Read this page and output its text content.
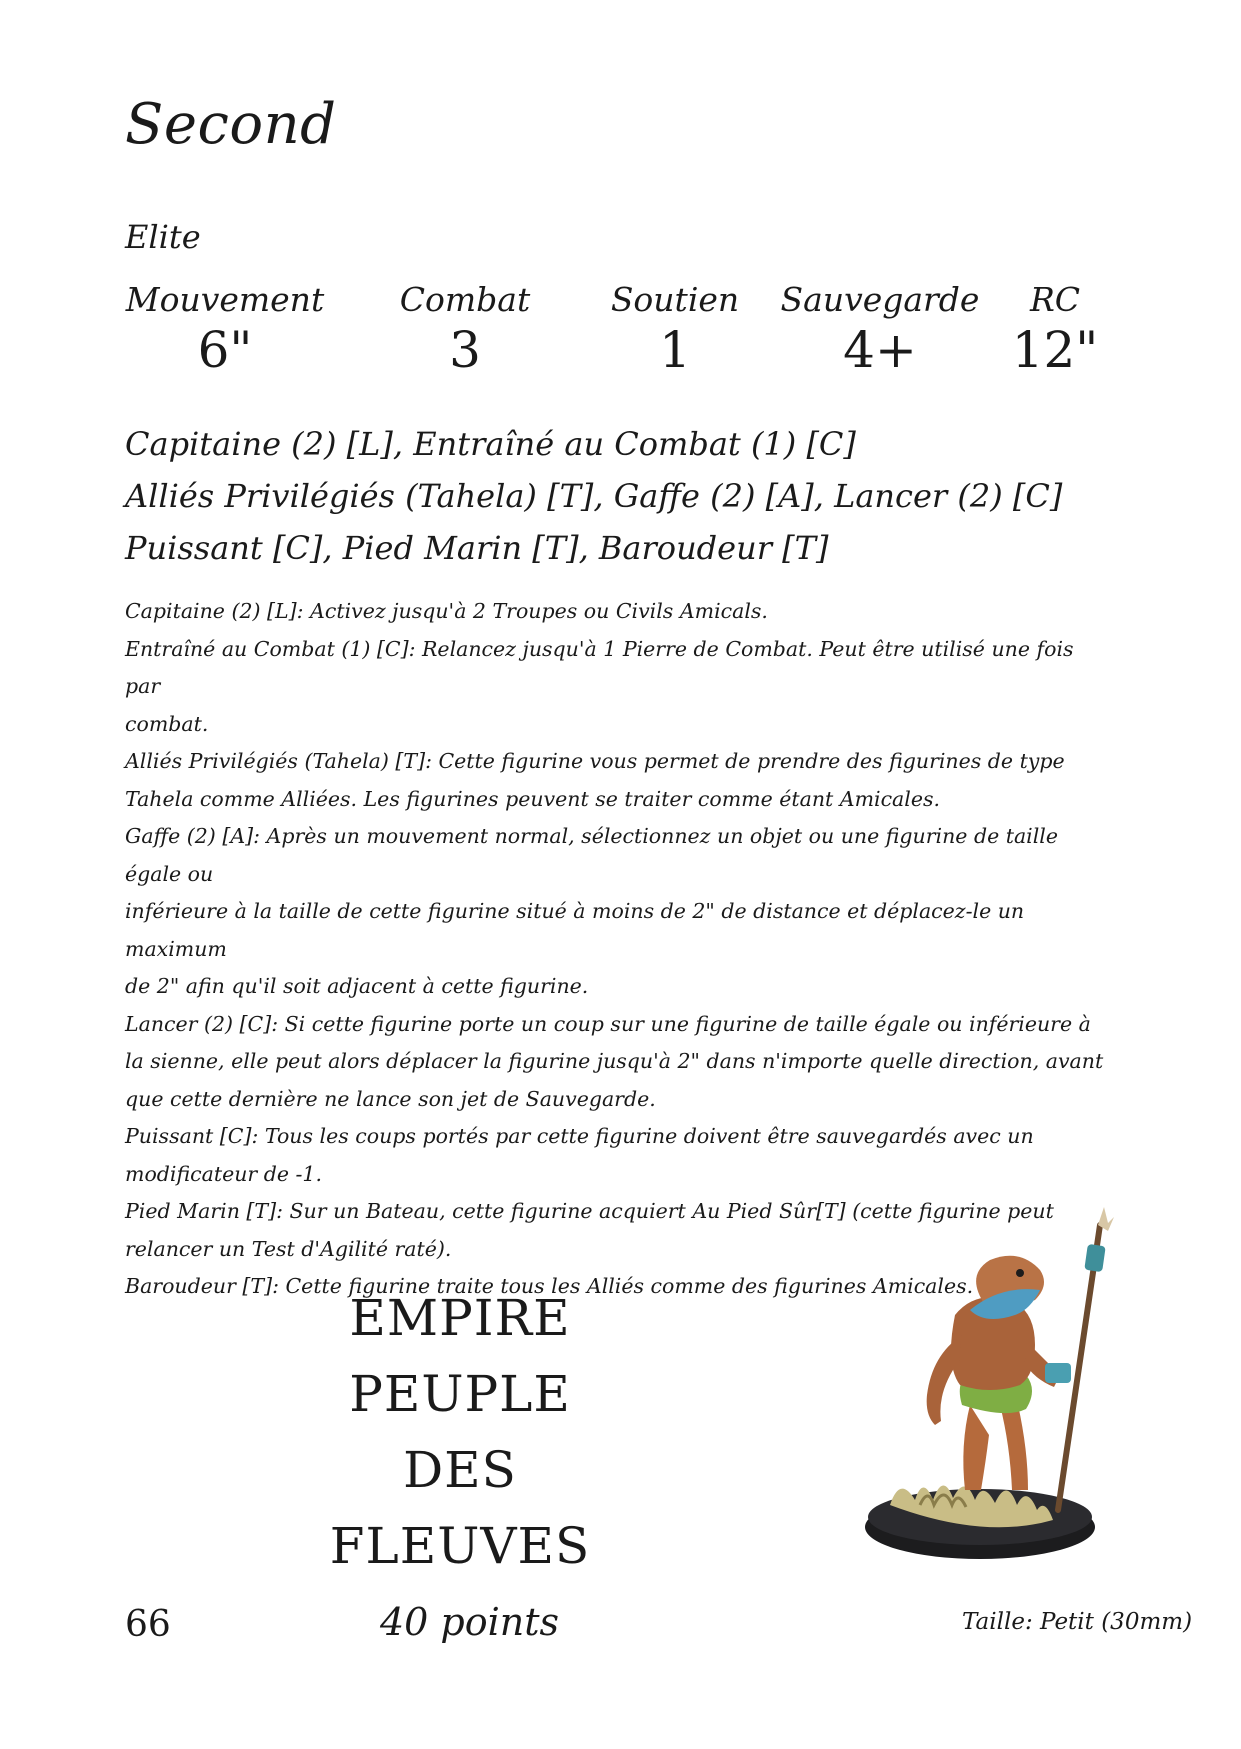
Second
Elite
Mouvement
6"
Combat
3
Soutien
1
Sauvegarde
4+
RC
12"
Capitaine (2) [L], Entraîné au Combat (1) [C]
Alliés Privilégiés (Tahela) [T], Gaffe (2) [A], Lancer (2) [C]
Puissant [C], Pied Marin [T], Baroudeur [T]

Capitaine (2) [L]: Activez jusqu'à 2 Troupes ou Civils Amicals.

Entraîné au Combat (1) [C]: Relancez jusqu'à 1 Pierre de Combat. Peut être utilisé une fois par

combat.

Alliés Privilégiés (Tahela) [T]: Cette figurine vous permet de prendre des figurines de type

Tahela comme Alliées. Les figurines peuvent se traiter comme étant Amicales.

Gaffe (2) [A]: Après un mouvement normal, sélectionnez un objet ou une figurine de taille égale ou

inférieure à la taille de cette figurine situé à moins de 2" de distance et déplacez-le un maximum

de 2" afin qu'il soit adjacent à cette figurine.

Lancer (2) [C]: Si cette figurine porte un coup sur une figurine de taille égale ou inférieure à

la sienne, elle peut alors déplacer la figurine jusqu'à 2" dans n'importe quelle direction, avant

que cette dernière ne lance son jet de Sauvegarde.

Puissant [C]: Tous les coups portés par cette figurine doivent être sauvegardés avec un

modificateur de -1.

Pied Marin [T]: Sur un Bateau, cette figurine acquiert Au Pied Sûr[T] (cette figurine peut

relancer un Test d'Agilité raté).

Baroudeur [T]: Cette figurine traite tous les Alliés comme des figurines Amicales.

EMPIRE
PEUPLE
DES
FLEUVES
66	40 points	Taille: Petit (30mm)
